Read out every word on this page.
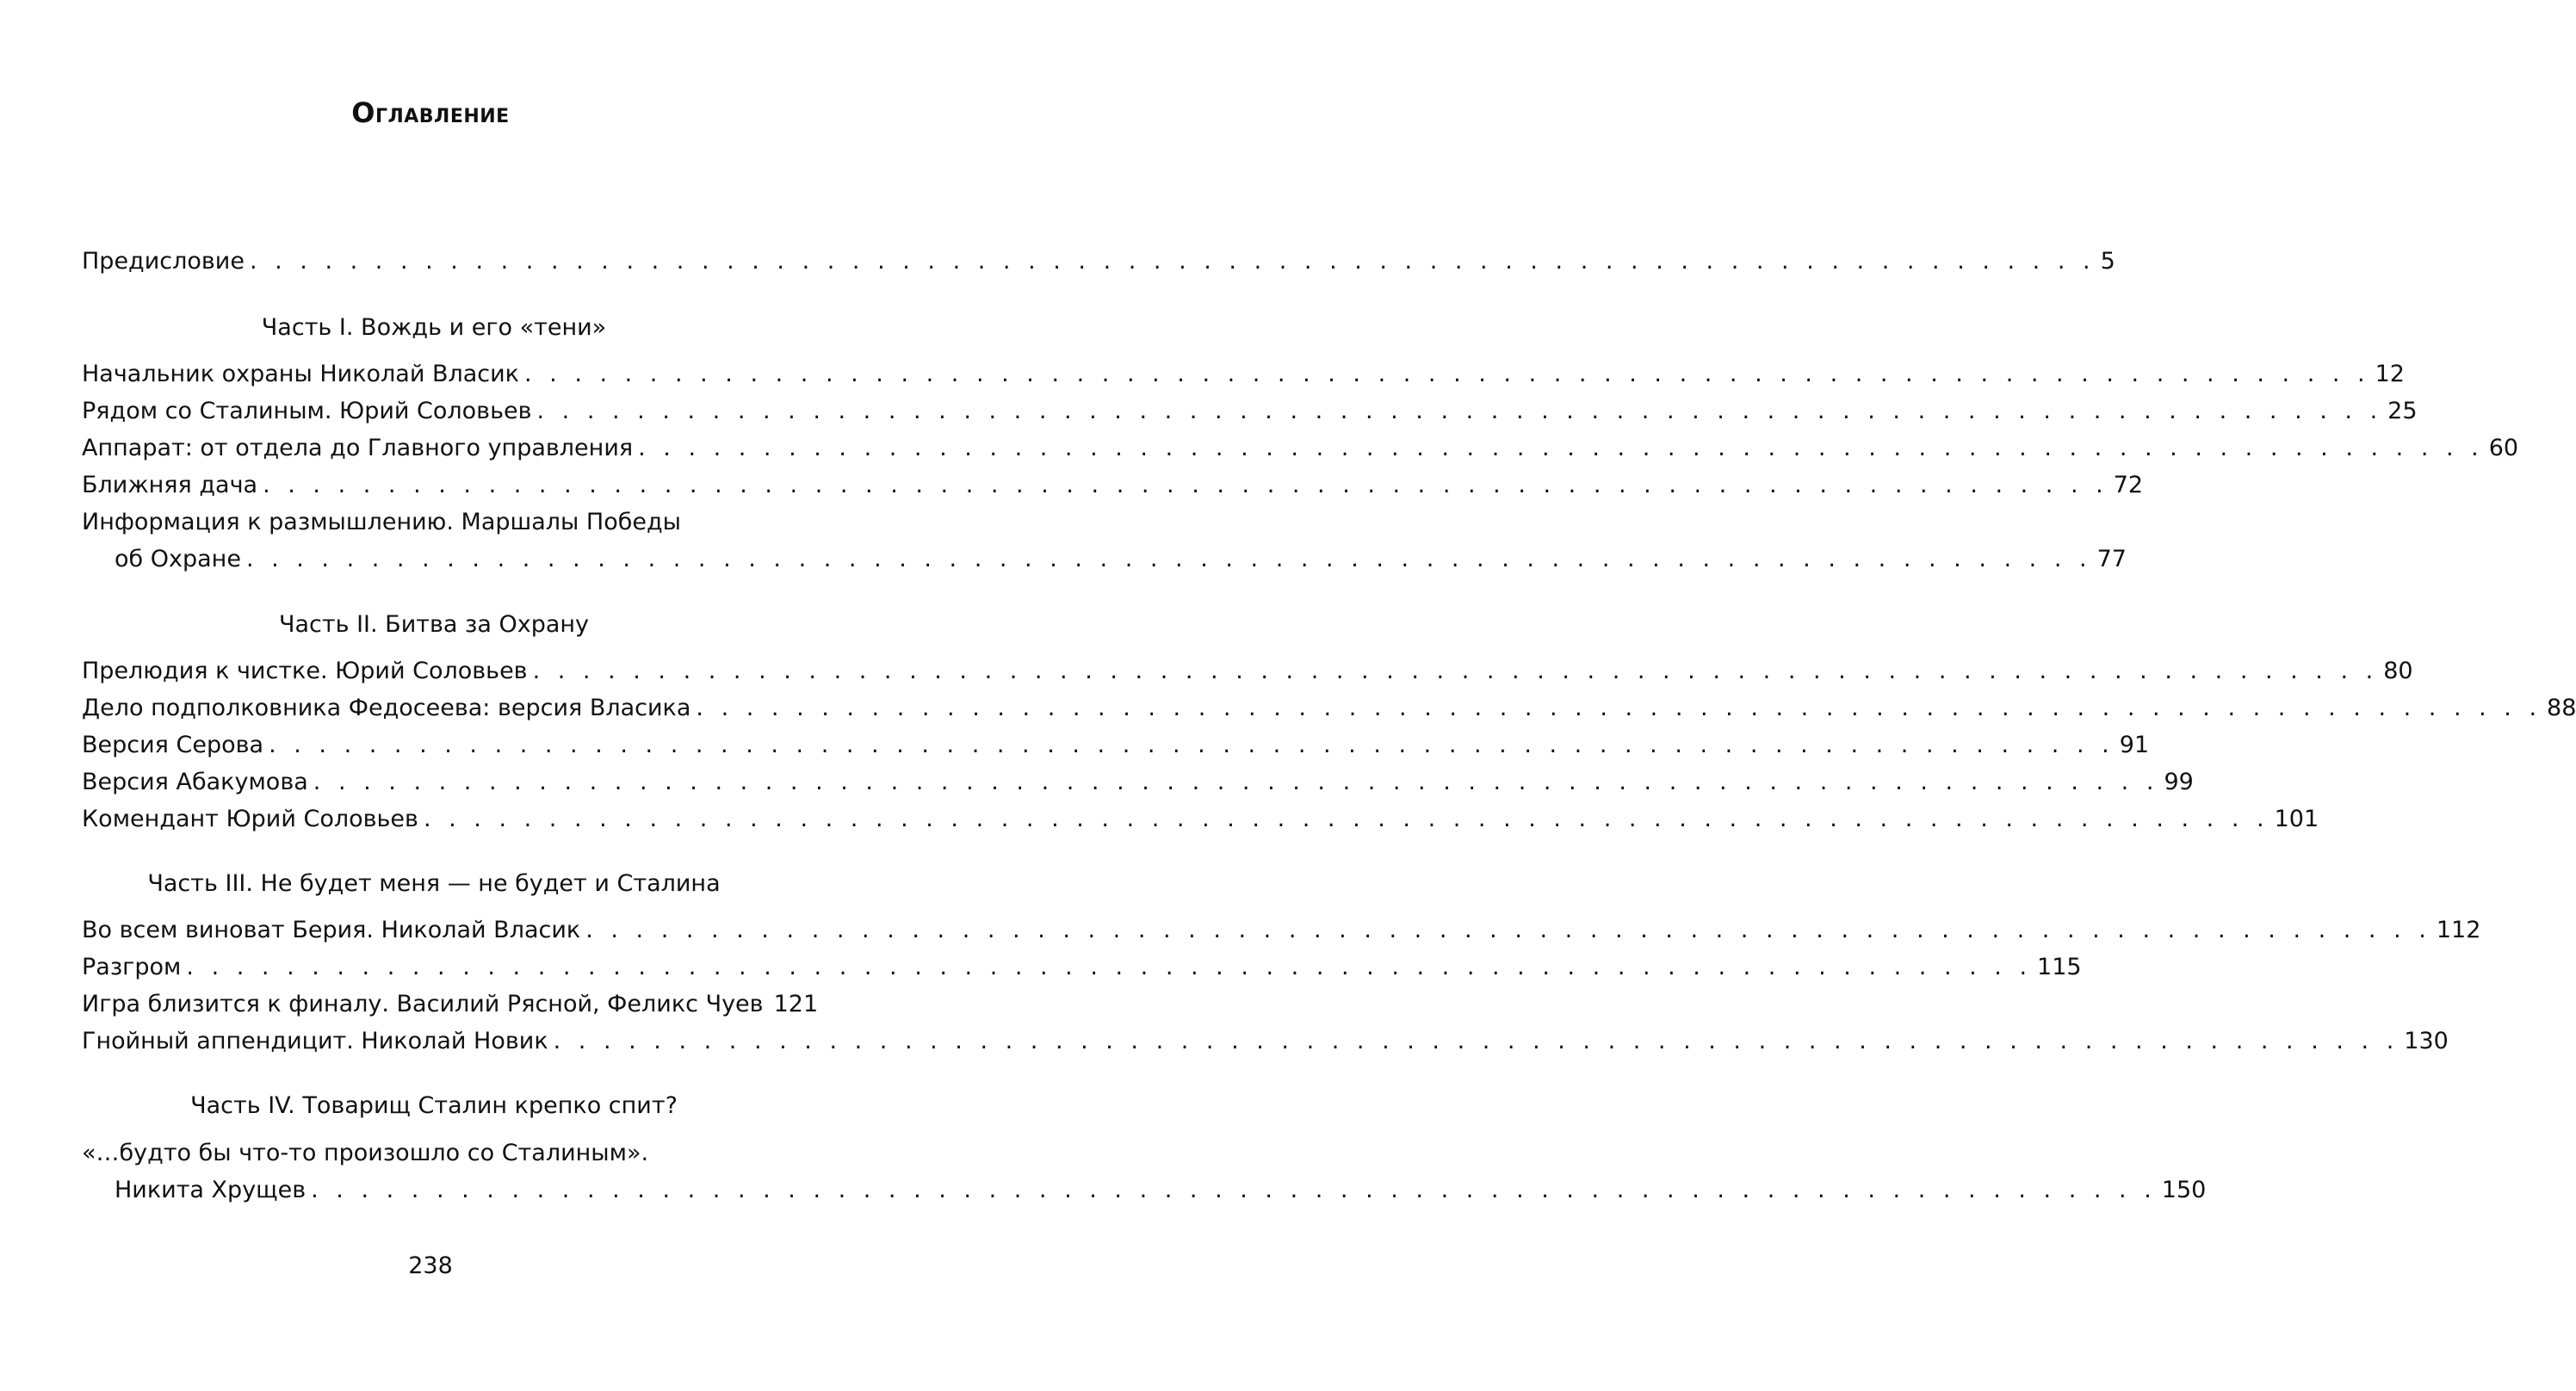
Оглавление
Предисловие . . . . . . . . . . . . . . . . . . . . . . . . . . . . . . . . . . . . . . . . . . . . . . . . . . . . . . . . . . . . . . . . . . . . . . . . . . 5
Часть I. Вождь и его «тени»
Начальник охраны Николай Власик . . . . . . . . . . . . . . . . . . . . . . . . . . . . . . . . . . . . . . . . . . . . . . . . . . . . . . . . . . . . . . . . . . . . . . . . . . 12
Рядом со Сталиным. Юрий Соловьев . . . . . . . . . . . . . . . . . . . . . . . . . . . . . . . . . . . . . . . . . . . . . . . . . . . . . . . . . . . . . . . . . . . . . . . . . . 25
Аппарат: от отдела до Главного управления . . . . . . . . . . . . . . . . . . . . . . . . . . . . . . . . . . . . . . . . . . . . . . . . . . . . . . . . . . . . . . . . . . . . . . . . . . 60
Ближняя дача . . . . . . . . . . . . . . . . . . . . . . . . . . . . . . . . . . . . . . . . . . . . . . . . . . . . . . . . . . . . . . . . . . . . . . . . . . 72
Информация к размышлению. Маршалы Победы
об Охране . . . . . . . . . . . . . . . . . . . . . . . . . . . . . . . . . . . . . . . . . . . . . . . . . . . . . . . . . . . . . . . . . . . . . . . . . . 77
Часть II. Битва за Охрану
Прелюдия к чистке. Юрий Соловьев . . . . . . . . . . . . . . . . . . . . . . . . . . . . . . . . . . . . . . . . . . . . . . . . . . . . . . . . . . . . . . . . . . . . . . . . . . 80
Дело подполковника Федосеева: версия Власика . . . . . . . . . . . . . . . . . . . . . . . . . . . . . . . . . . . . . . . . . . . . . . . . . . . . . . . . . . . . . . . . . . . . . . . . . . 88
Версия Серова . . . . . . . . . . . . . . . . . . . . . . . . . . . . . . . . . . . . . . . . . . . . . . . . . . . . . . . . . . . . . . . . . . . . . . . . . . 91
Версия Абакумова . . . . . . . . . . . . . . . . . . . . . . . . . . . . . . . . . . . . . . . . . . . . . . . . . . . . . . . . . . . . . . . . . . . . . . . . . . 99
Комендант Юрий Соловьев . . . . . . . . . . . . . . . . . . . . . . . . . . . . . . . . . . . . . . . . . . . . . . . . . . . . . . . . . . . . . . . . . . . . . . . . . . 101
Часть III. Не будет меня — не будет и Сталина
Во всем виноват Берия. Николай Власик . . . . . . . . . . . . . . . . . . . . . . . . . . . . . . . . . . . . . . . . . . . . . . . . . . . . . . . . . . . . . . . . . . . . . . . . . . 112
Разгром . . . . . . . . . . . . . . . . . . . . . . . . . . . . . . . . . . . . . . . . . . . . . . . . . . . . . . . . . . . . . . . . . . . . . . . . . . 115
Игра близится к финалу. Василий Рясной, Феликс Чуев 121
Гнойный аппендицит. Николай Новик . . . . . . . . . . . . . . . . . . . . . . . . . . . . . . . . . . . . . . . . . . . . . . . . . . . . . . . . . . . . . . . . . . . . . . . . . . 130
Часть IV. Товарищ Сталин крепко спит?
«…будто бы что-то произошло со Сталиным».
Никита Хрущев . . . . . . . . . . . . . . . . . . . . . . . . . . . . . . . . . . . . . . . . . . . . . . . . . . . . . . . . . . . . . . . . . . . . . . . . . . 150
238
